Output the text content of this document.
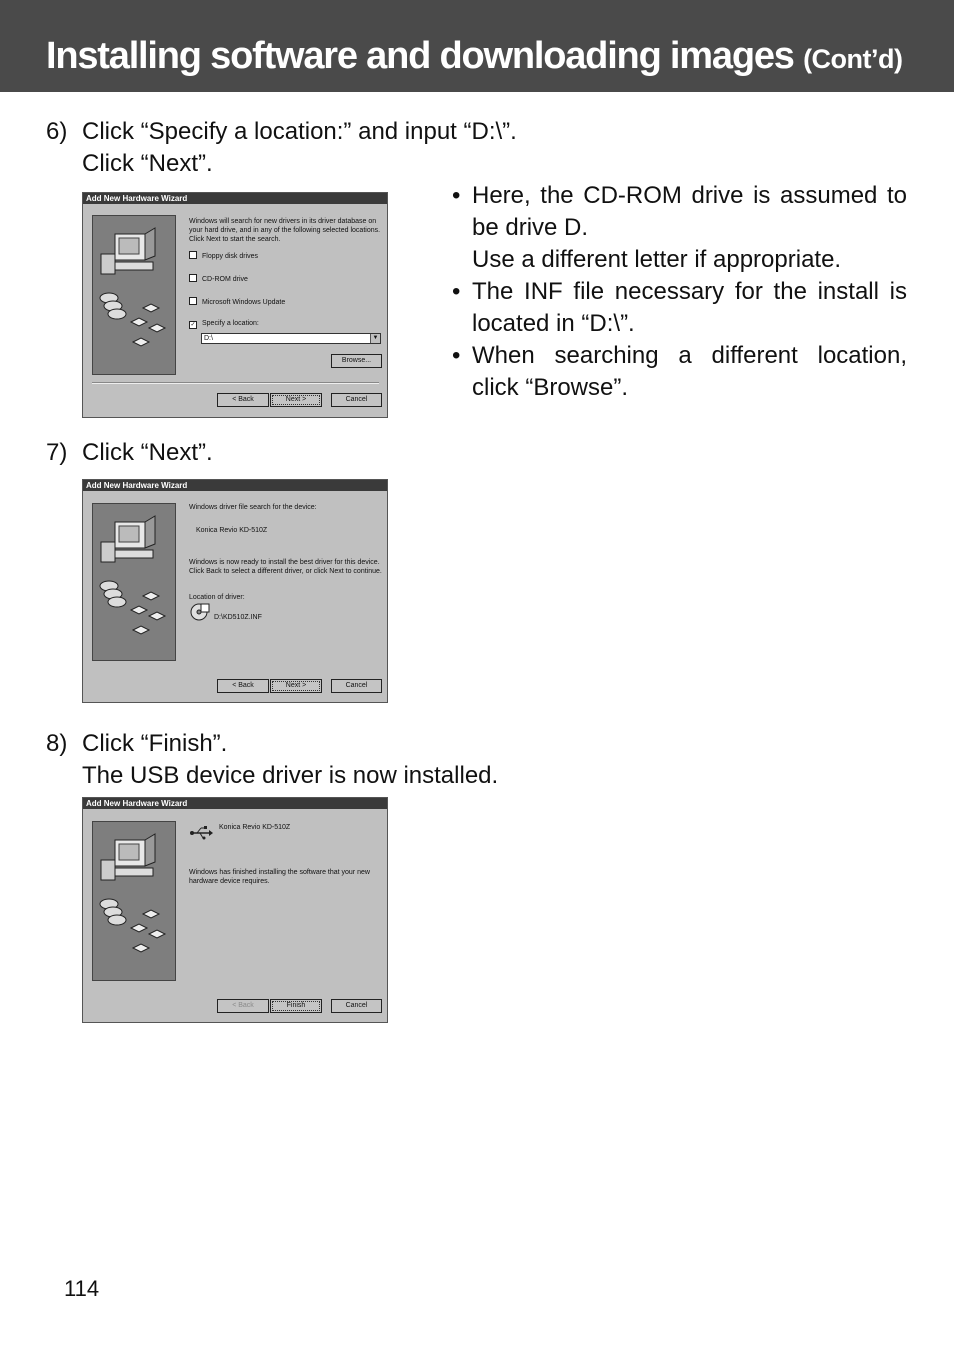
Installing software and downloading images (Cont’d)
6) Click “Specify a location:” and input “D:\”.
Click “Next”.
• Here, the CD-ROM drive is assumed to be drive D.
Use a different letter if appropriate.
• The INF file necessary for the install is located in “D:\”.
• When searching a different location, click “Browse”.
Add New Hardware Wizard
Windows will search for new drivers in its driver database on your hard drive, and in any of the following selected locations. Click Next to start the search.
Floppy disk drives
CD-ROM drive
Microsoft Windows Update
✓ Specify a location:
D:\	▼
Browse...
< Back	Next >	Cancel
7) Click “Next”.
Add New Hardware Wizard
Windows driver file search for the device:
Konica Revio KD-510Z
Windows is now ready to install the best driver for this device. Click Back to select a different driver, or click Next to continue.
Location of driver:
D:\KD510Z.INF
< Back	Next >	Cancel
8) Click “Finish”.
The USB device driver is now installed.
Add New Hardware Wizard
Konica Revio KD-510Z
Windows has finished installing the software that your new hardware device requires.
< Back	Finish	Cancel
114
